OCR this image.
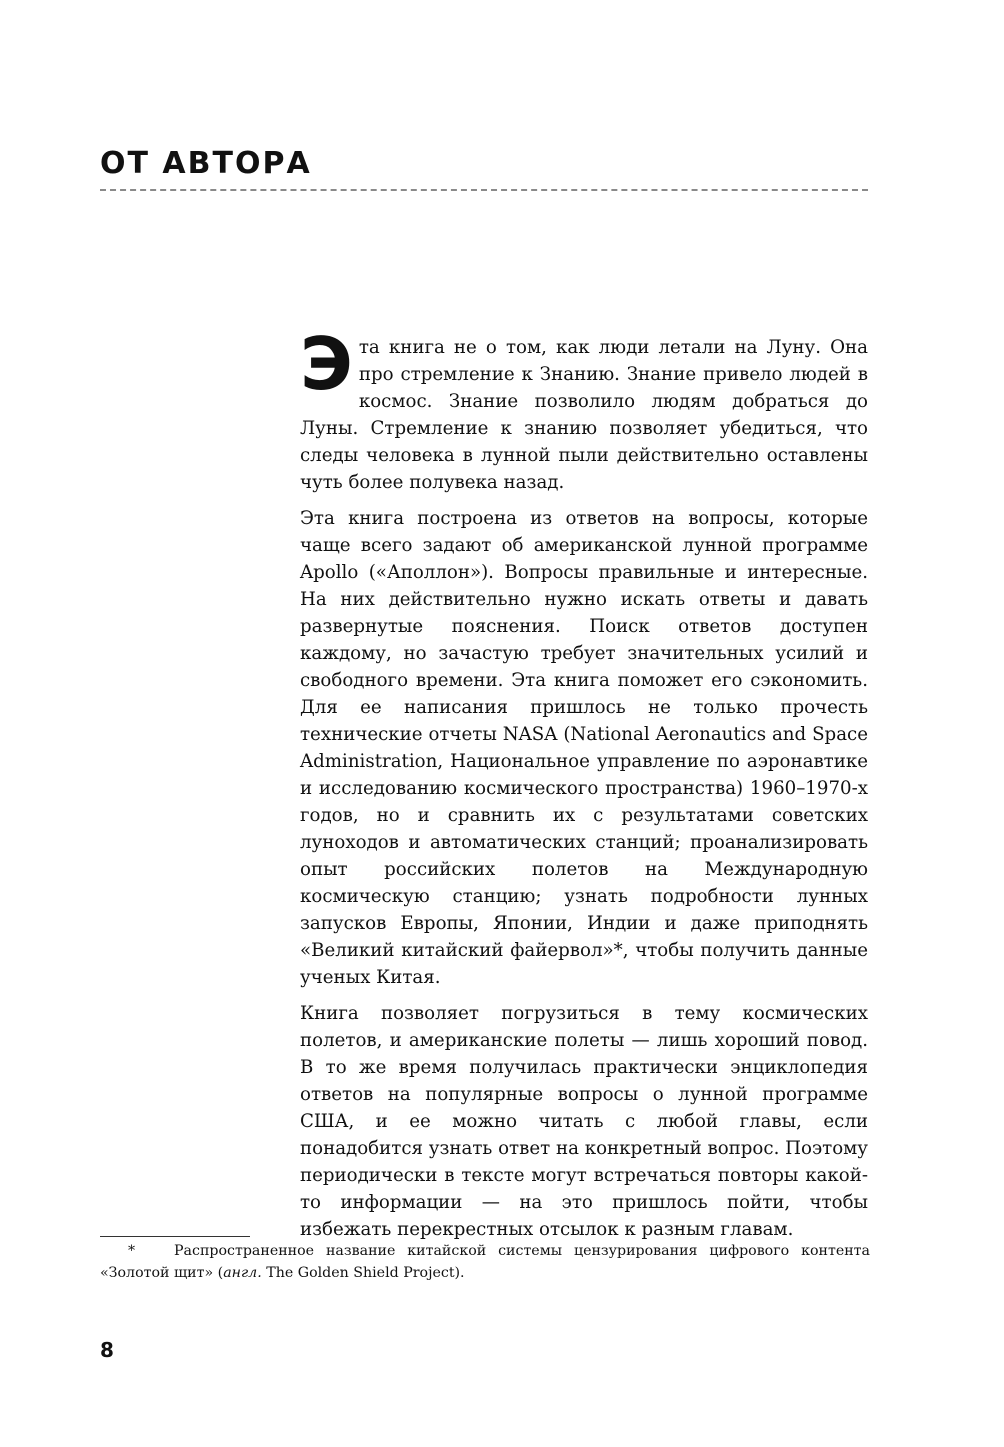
ОТ АВТОРА

Эта книга не о том, как люди летали на Луну. Она про стремление к Знанию. Знание привело людей в космос. Знание позволило людям добраться до Луны. Стремление к знанию позволяет убедиться, что следы человека в лунной пыли действительно оставлены чуть более полувека назад.

Эта книга построена из ответов на вопросы, которые чаще всего задают об американской лунной программе Apollo («Аполлон»). Вопросы правильные и интересные. На них действительно нужно искать ответы и давать развернутые пояснения. Поиск ответов доступен каждому, но зачастую требует значительных усилий и свободного времени. Эта книга поможет его сэкономить. Для ее написания пришлось не только прочесть технические отчеты NASA (National Aeronautics and Space Administration, Национальное управление по аэронавтике и исследованию космического пространства) 1960–1970-х годов, но и сравнить их с результатами советских луноходов и автоматических станций; проанализировать опыт российских полетов на Международную космическую станцию; узнать подробности лунных запусков Европы, Японии, Индии и даже приподнять «Великий китайский файервол»*, чтобы получить данные ученых Китая.

Книга позволяет погрузиться в тему космических полетов, и американские полеты — лишь хороший повод. В то же время получилась практически энциклопедия ответов на популярные вопросы о лунной программе США, и ее можно читать с любой главы, если понадобится узнать ответ на конкретный вопрос. Поэтому периодически в тексте могут встречаться повторы какой-то информации — на это пришлось пойти, чтобы избежать перекрестных отсылок к разным главам.

*	Распространенное название китайской системы цензурирования цифрового контента «Золотой щит» (англ. The Golden Shield Project).
8
